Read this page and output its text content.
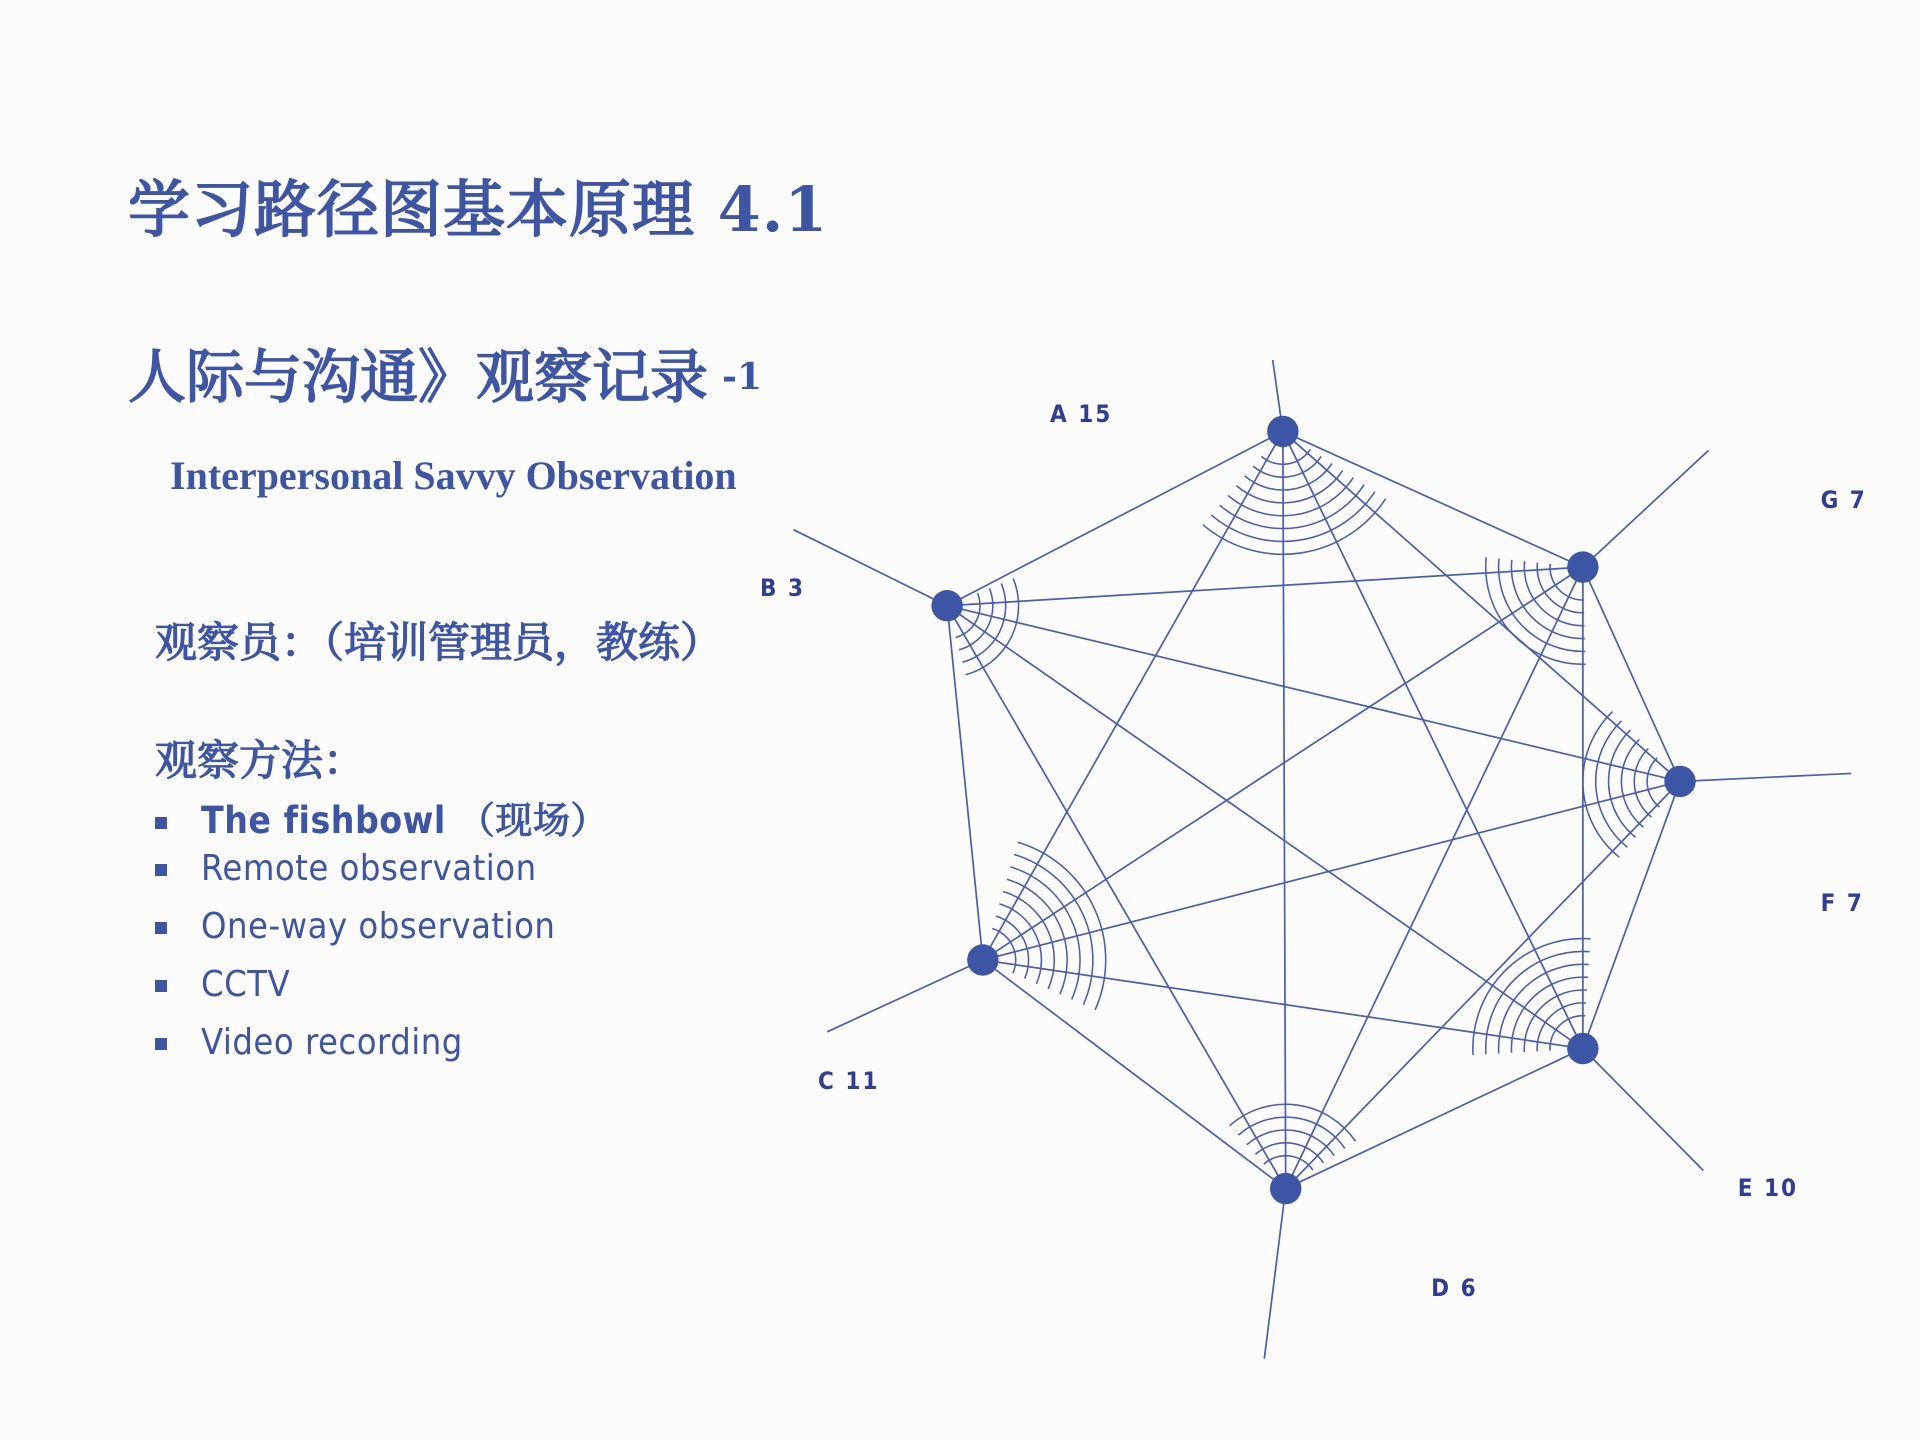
学习路径图基本原理 4.1
人际与沟通》观察记录 -1
Interpersonal Savvy Observation
观察员：（培训管理员，教练）
观察方法：
The fishbowl （现场）
Remote observation
One-way observation
CCTV
Video recording
A 15
B 3
G 7
F 7
E 10
D 6
C 11
